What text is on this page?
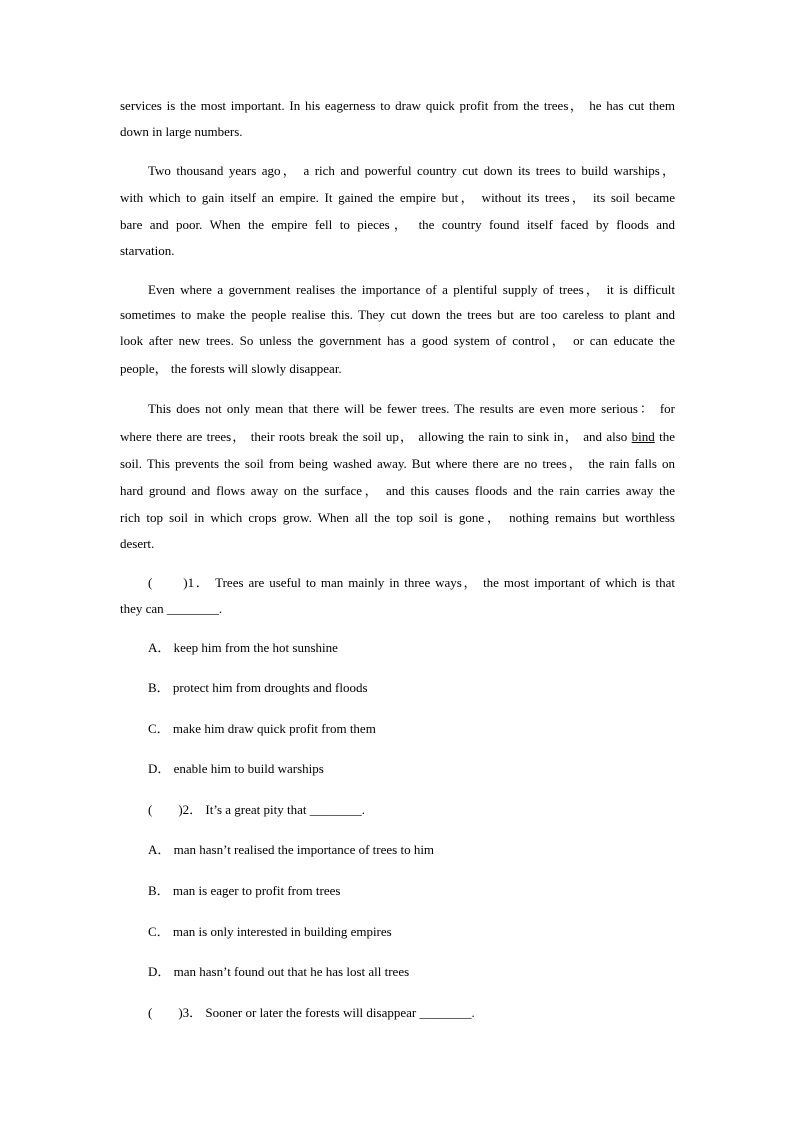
services is the most important. In his eagerness to draw quick profit from the trees， he has cut them
down in large numbers.
Two thousand years ago， a rich and powerful country cut down its trees to build warships，
with which to gain itself an empire. It gained the empire but， without its trees， its soil became
bare and poor. When the empire fell to pieces， the country found itself faced by floods and
starvation.
Even where a government realises the importance of a plentiful supply of trees， it is difficult
sometimes to make the people realise this. They cut down the trees but are too careless to plant and
look after new trees. So unless the government has a good system of control， or can educate the
people， the forests will slowly disappear.
This does not only mean that there will be fewer trees. The results are even more serious： for
where there are trees， their roots break the soil up， allowing the rain to sink in， and also bind the
soil. This prevents the soil from being washed away. But where there are no trees， the rain falls on
hard ground and flows away on the surface， and this causes floods and the rain carries away the
rich top soil in which crops grow. When all the top soil is gone， nothing remains but worthless
desert.
(　　)1． Trees are useful to man mainly in three ways， the most important of which is that
they can ________.
A． keep him from the hot sunshine
B． protect him from droughts and floods
C． make him draw quick profit from them
D． enable him to build warships
(　　)2． It’s a great pity that ________.
A． man hasn’t realised the importance of trees to him
B． man is eager to profit from trees
C． man is only interested in building empires
D． man hasn’t found out that he has lost all trees
(　　)3． Sooner or later the forests will disappear ________.
